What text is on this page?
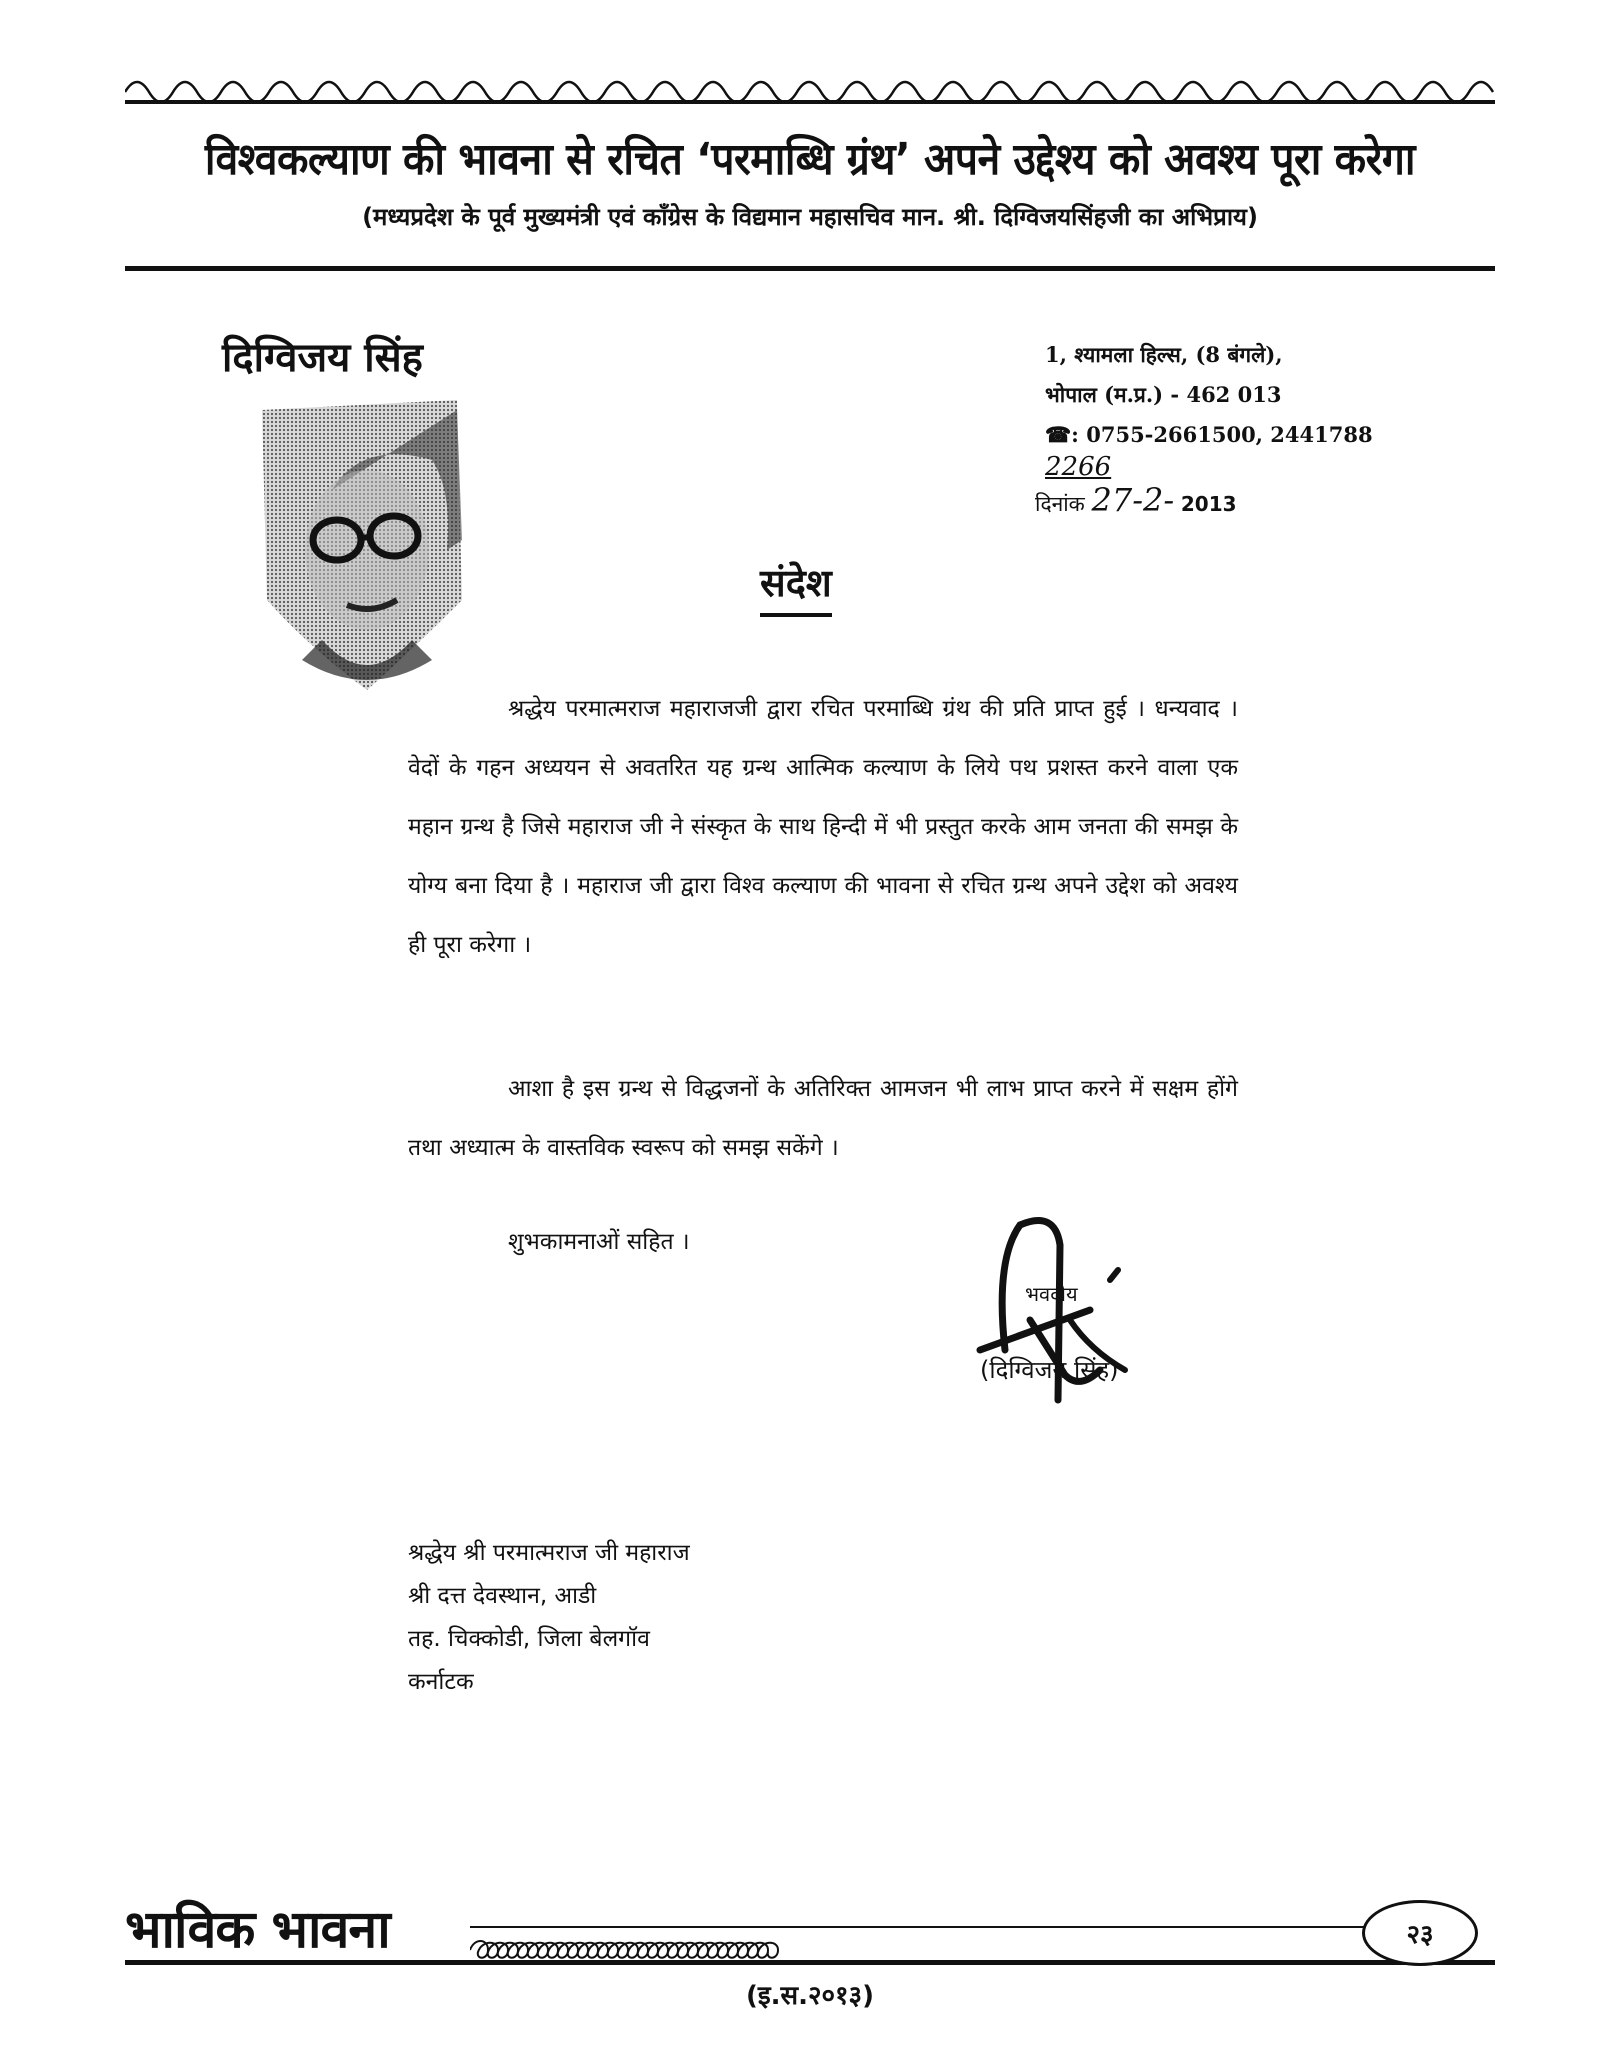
विश्वकल्याण की भावना से रचित ‘परमाब्धि ग्रंथ’ अपने उद्देश्य को अवश्य पूरा करेगा
(मध्यप्रदेश के पूर्व मुख्यमंत्री एवं काँग्रेस के विद्यमान महासचिव मान. श्री. दिग्विजयसिंहजी का अभिप्राय)
दिग्विजय सिंह	1, श्यामला हिल्स, (8 बंगले),
भोपाल (म.प्र.) - 462 013
☎: 0755-2661500, 2441788
2266
दिनांक 27-2- 2013
संदेश

श्रद्धेय परमात्मराज महाराजजी द्वारा रचित परमाब्धि ग्रंथ की प्रति प्राप्त हुई । धन्यवाद । वेदों के गहन अध्ययन से अवतरित यह ग्रन्थ आत्मिक कल्याण के लिये पथ प्रशस्त करने वाला एक महान ग्रन्थ है जिसे महाराज जी ने संस्कृत के साथ हिन्दी में भी प्रस्तुत करके आम जनता की समझ के योग्य बना दिया है । महाराज जी द्वारा विश्व कल्याण की भावना से रचित ग्रन्थ अपने उद्देश को अवश्य ही पूरा करेगा ।

आशा है इस ग्रन्थ से विद्धजनों के अतिरिक्त आमजन भी लाभ प्राप्त करने में सक्षम होंगे तथा अध्यात्म के वास्तविक स्वरूप को समझ सकेंगे ।

शुभकामनाओं सहित ।
भवदीय
(दिग्विजय सिंह)
श्रद्धेय श्री परमात्मराज जी महाराज
श्री दत्त देवस्थान, आडी
तह. चिक्कोडी, जिला बेलगॉव
कर्नाटक
भाविक भावना	२३
(इ.स.२०१३)
